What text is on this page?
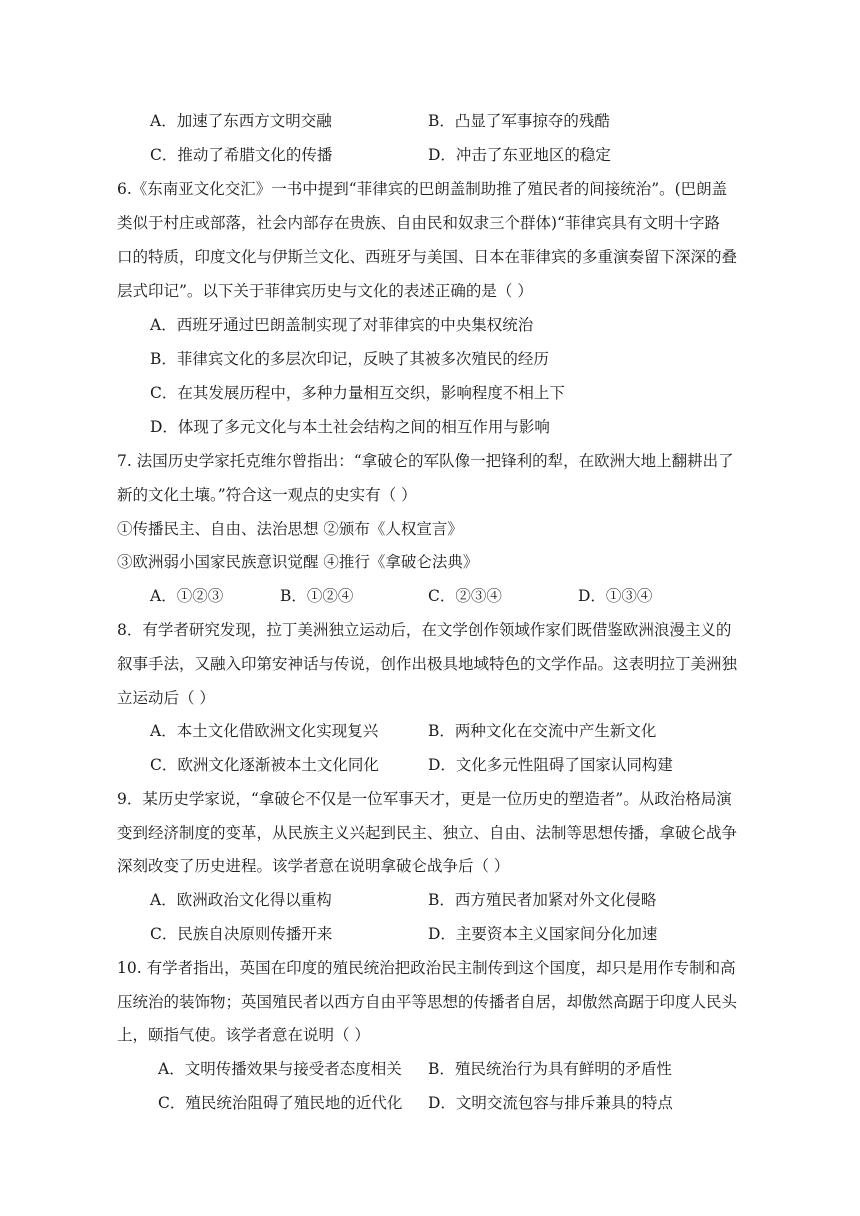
A．加速了东西方文明交融	B．凸显了军事掠夺的残酷
C．推动了希腊文化的传播	D．冲击了东亚地区的稳定
6.《东南亚文化交汇》一书中提到“菲律宾的巴朗盖制助推了殖民者的间接统治”。(巴朗盖
类似于村庄或部落，社会内部存在贵族、自由民和奴隶三个群体)“菲律宾具有文明十字路
口的特质，印度文化与伊斯兰文化、西班牙与美国、日本在菲律宾的多重演奏留下深深的叠
层式印记”。以下关于菲律宾历史与文化的表述正确的是（ ）
A．西班牙通过巴朗盖制实现了对菲律宾的中央集权统治
B．菲律宾文化的多层次印记，反映了其被多次殖民的经历
C．在其发展历程中，多种力量相互交织，影响程度不相上下
D．体现了多元文化与本土社会结构之间的相互作用与影响
7. 法国历史学家托克维尔曾指出：“拿破仑的军队像一把锋利的犁，在欧洲大地上翻耕出了
新的文化土壤。”符合这一观点的史实有（ ）
①传播民主、自由、法治思想 ②颁布《人权宣言》
③欧洲弱小国家民族意识觉醒 ④推行《拿破仑法典》
A．①②③	B．①②④	C．②③④	D．①③④
8．有学者研究发现，拉丁美洲独立运动后，在文学创作领域作家们既借鉴欧洲浪漫主义的
叙事手法，又融入印第安神话与传说，创作出极具地域特色的文学作品。这表明拉丁美洲独
立运动后（ ）
A．本土文化借欧洲文化实现复兴	B．两种文化在交流中产生新文化
C．欧洲文化逐渐被本土文化同化	D．文化多元性阻碍了国家认同构建
9．某历史学家说，“拿破仑不仅是一位军事天才，更是一位历史的塑造者”。从政治格局演
变到经济制度的变革，从民族主义兴起到民主、独立、自由、法制等思想传播，拿破仑战争
深刻改变了历史进程。该学者意在说明拿破仑战争后（ ）
A．欧洲政治文化得以重构	B．西方殖民者加紧对外文化侵略
C．民族自决原则传播开来	D．主要资本主义国家间分化加速
10. 有学者指出，英国在印度的殖民统治把政治民主制传到这个国度，却只是用作专制和高
压统治的装饰物；英国殖民者以西方自由平等思想的传播者自居，却傲然高踞于印度人民头
上，颐指气使。该学者意在说明（ ）
A．文明传播效果与接受者态度相关 B．殖民统治行为具有鲜明的矛盾性
C．殖民统治阻碍了殖民地的近代化 D．文明交流包容与排斥兼具的特点
